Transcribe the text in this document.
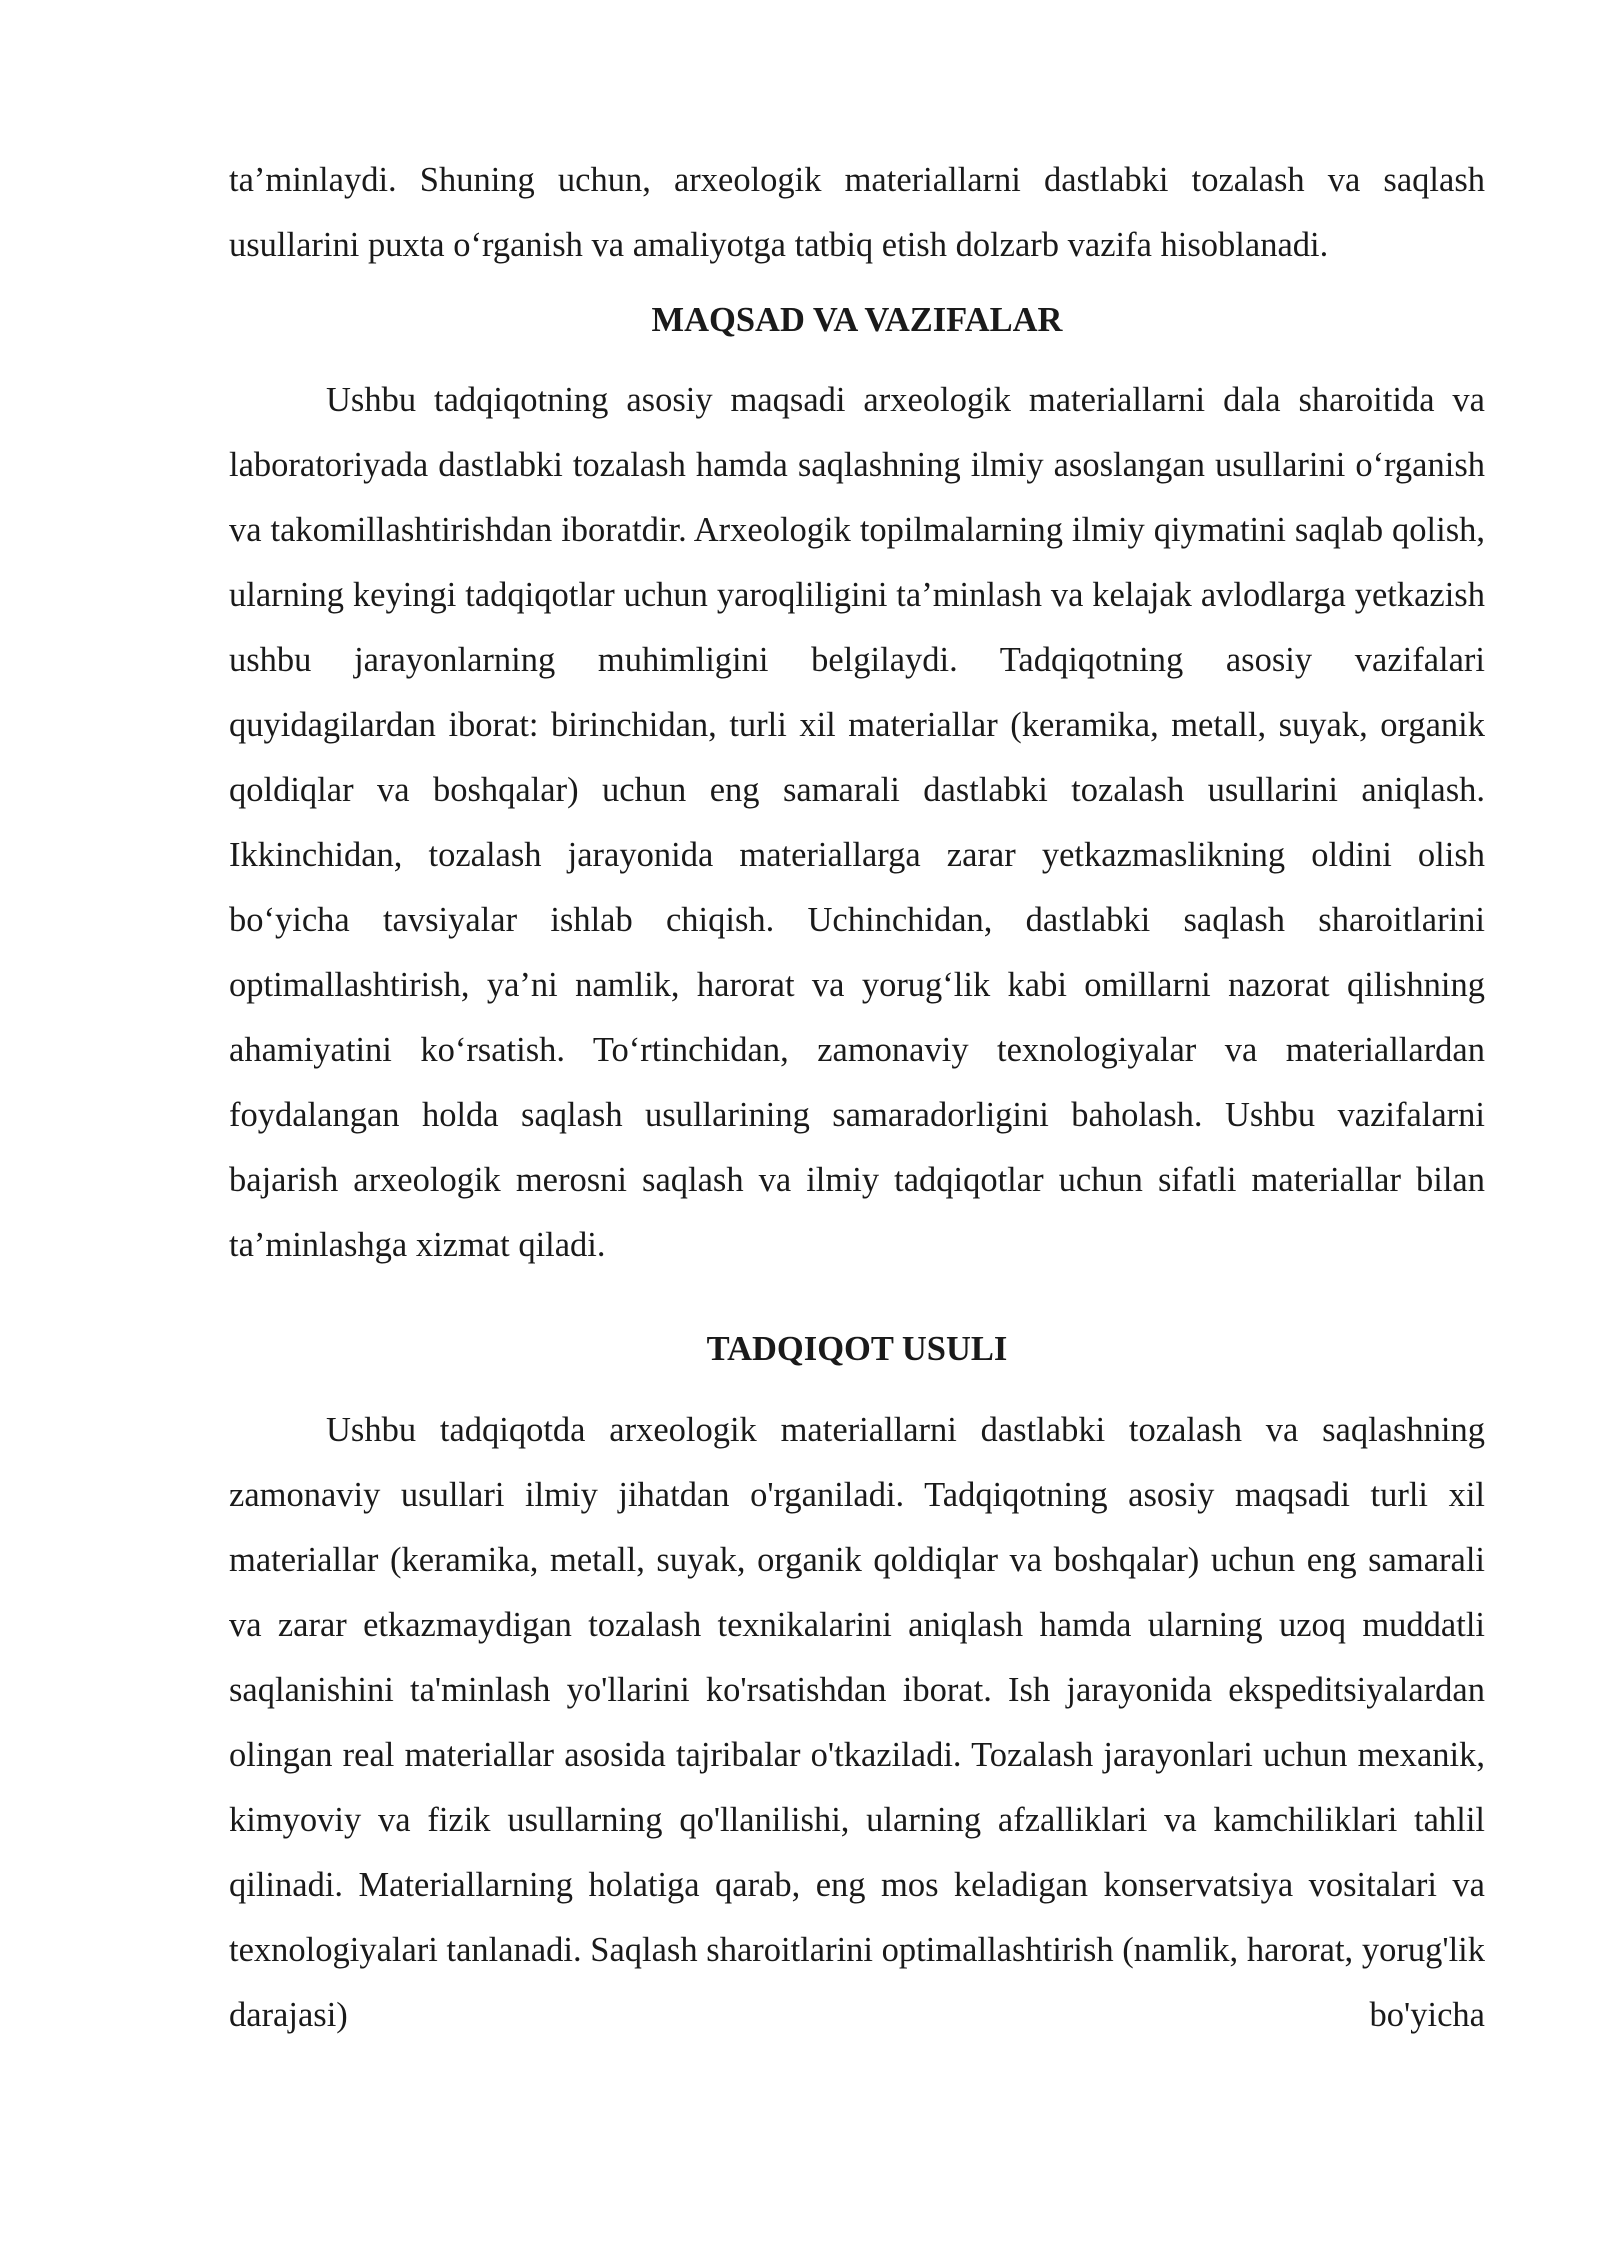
ta’minlaydi. Shuning uchun, arxeologik materiallarni dastlabki tozalash va saqlash usullarini puxta o‘rganish va amaliyotga tatbiq etish dolzarb vazifa hisoblanadi.

MAQSAD VA VAZIFALAR

Ushbu tadqiqotning asosiy maqsadi arxeologik materiallarni dala sharoitida va laboratoriyada dastlabki tozalash hamda saqlashning ilmiy asoslangan usullarini o‘rganish va takomillashtirishdan iboratdir. Arxeologik topilmalarning ilmiy qiymatini saqlab qolish, ularning keyingi tadqiqotlar uchun yaroqliligini ta’minlash va kelajak avlodlarga yetkazish ushbu jarayonlarning muhimligini belgilaydi. Tadqiqotning asosiy vazifalari quyidagilardan iborat: birinchidan, turli xil materiallar (keramika, metall, suyak, organik qoldiqlar va boshqalar) uchun eng samarali dastlabki tozalash usullarini aniqlash. Ikkinchidan, tozalash jarayonida materiallarga zarar yetkazmaslikning oldini olish bo‘yicha tavsiyalar ishlab chiqish. Uchinchidan, dastlabki saqlash sharoitlarini optimallashtirish, ya’ni namlik, harorat va yorug‘lik kabi omillarni nazorat qilishning ahamiyatini ko‘rsatish. To‘rtinchidan, zamonaviy texnologiyalar va materiallardan foydalangan holda saqlash usullarining samaradorligini baholash. Ushbu vazifalarni bajarish arxeologik merosni saqlash va ilmiy tadqiqotlar uchun sifatli materiallar bilan ta’minlashga xizmat qiladi.

TADQIQOT USULI

Ushbu tadqiqotda arxeologik materiallarni dastlabki tozalash va saqlashning zamonaviy usullari ilmiy jihatdan o'rganiladi. Tadqiqotning asosiy maqsadi turli xil materiallar (keramika, metall, suyak, organik qoldiqlar va boshqalar) uchun eng samarali va zarar etkazmaydigan tozalash texnikalarini aniqlash hamda ularning uzoq muddatli saqlanishini ta'minlash yo'llarini ko'rsatishdan iborat. Ish jarayonida ekspeditsiyalardan olingan real materiallar asosida tajribalar o'tkaziladi. Tozalash jarayonlari uchun mexanik, kimyoviy va fizik usullarning qo'llanilishi, ularning afzalliklari va kamchiliklari tahlil qilinadi. Materiallarning holatiga qarab, eng mos keladigan konservatsiya vositalari va texnologiyalari tanlanadi. Saqlash sharoitlarini optimallashtirish (namlik, harorat, yorug'lik darajasi) bo'yicha
